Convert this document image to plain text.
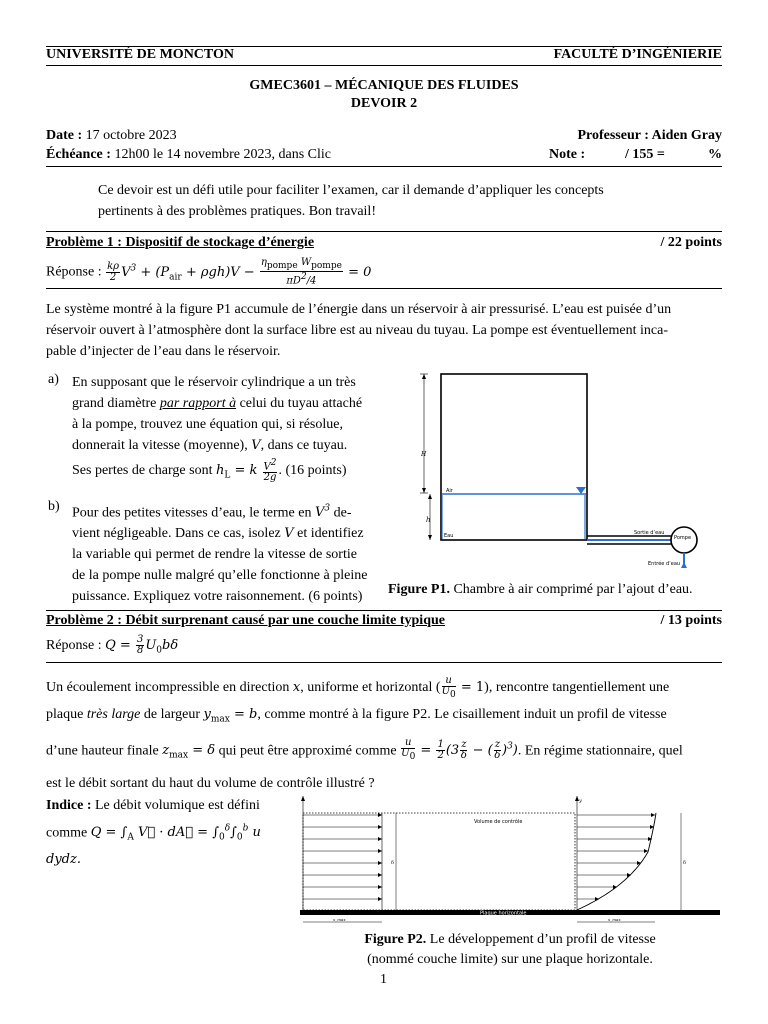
UNIVERSITÉ DE MONCTON	FACULTÉ D’INGÉNIERIE
GMEC3601 – MÉCANIQUE DES FLUIDES
DEVOIR 2
Date : 17 octobre 2023	Professeur : Aiden Gray
Échéance : 12h00 le 14 novembre 2023, dans Clic	Note :	/ 155 =	%
Ce devoir est un défi utile pour faciliter l’examen, car il demande d’appliquer les concepts
pertinents à des problèmes pratiques. Bon travail!
Problème 1 : Dispositif de stockage d’énergie	/ 22 points
Réponse : $\frac{k\rho}{2} V^3 + (P_{air} + \rho gh)V - \frac{\text{ηpompe Wpompe}}{\pi D2/4} = 0$
Le système montré à la figure P1 accumule de l’énergie dans un réservoir à air pressurisé. L’eau est puisée d’un
réservoir ouvert à l’atmosphère dont la surface libre est au niveau du tuyau. La pompe est éventuellement inca-
pable d’injecter de l’eau dans le réservoir.
a) En supposant que le réservoir cylindrique a un très
grand diamètre par rapport à celui du tuyau attaché
à la pompe, trouvez une équation qui, si résolue,
donnerait la vitesse (moyenne), V, dans ce tuyau.
Ses pertes de charge sont $h_L = k \frac{V2}{2g}$ . (16 points)
b) Pour des petites vitesses d’eau, le terme en $V^3$ de-
vient négligeable. Dans ce cas, isolez V et identifiez
la variable qui permet de rendre la vitesse de sortie
de la pompe nulle malgré qu’elle fonctionne à pleine
puissance. Expliquez votre raisonnement. (6 points)
H
h
Air
Eau	Sortie d’eau
Pompe
Entrée d’eau
Figure P1. Chambre à air comprimé par l’ajout d’eau.
Problème 2 : Débit surprenant causé par une couche limite typique	/ 13 points
Réponse : $Q = \frac{3}{8} U_0b\delta$
Un écoulement incompressible en direction x, uniforme et horizontal ( $\frac{u}{U0} = 1$), rencontre tangentiellement une
plaque très large de largeur $y_{max} = b$, comme montré à la figure P2. Le cisaillement induit un profil de vitesse
d’une hauteur finale $z_{max} = \delta$ qui peut être approximé comme $\frac{u}{U0} = \frac{1}{2} (3 \frac{z}{\delta}$ − ( $\frac{z}{\delta} )^3$). En régime stationnaire, quel
est le débit sortant du haut du volume de contrôle illustré ?
Indice : Le débit volumique est défini
comme $Q = \int_A$ V⃗ · dA⃗ = $\int_0^\delta\int_0^b$ u dydz.
Plaque horizontale
Volume de contrôle
δ
y
δ
x_max	x_max
Figure P2. Le développement d’un profil de vitesse
(nommé couche limite) sur une plaque horizontale.
1
